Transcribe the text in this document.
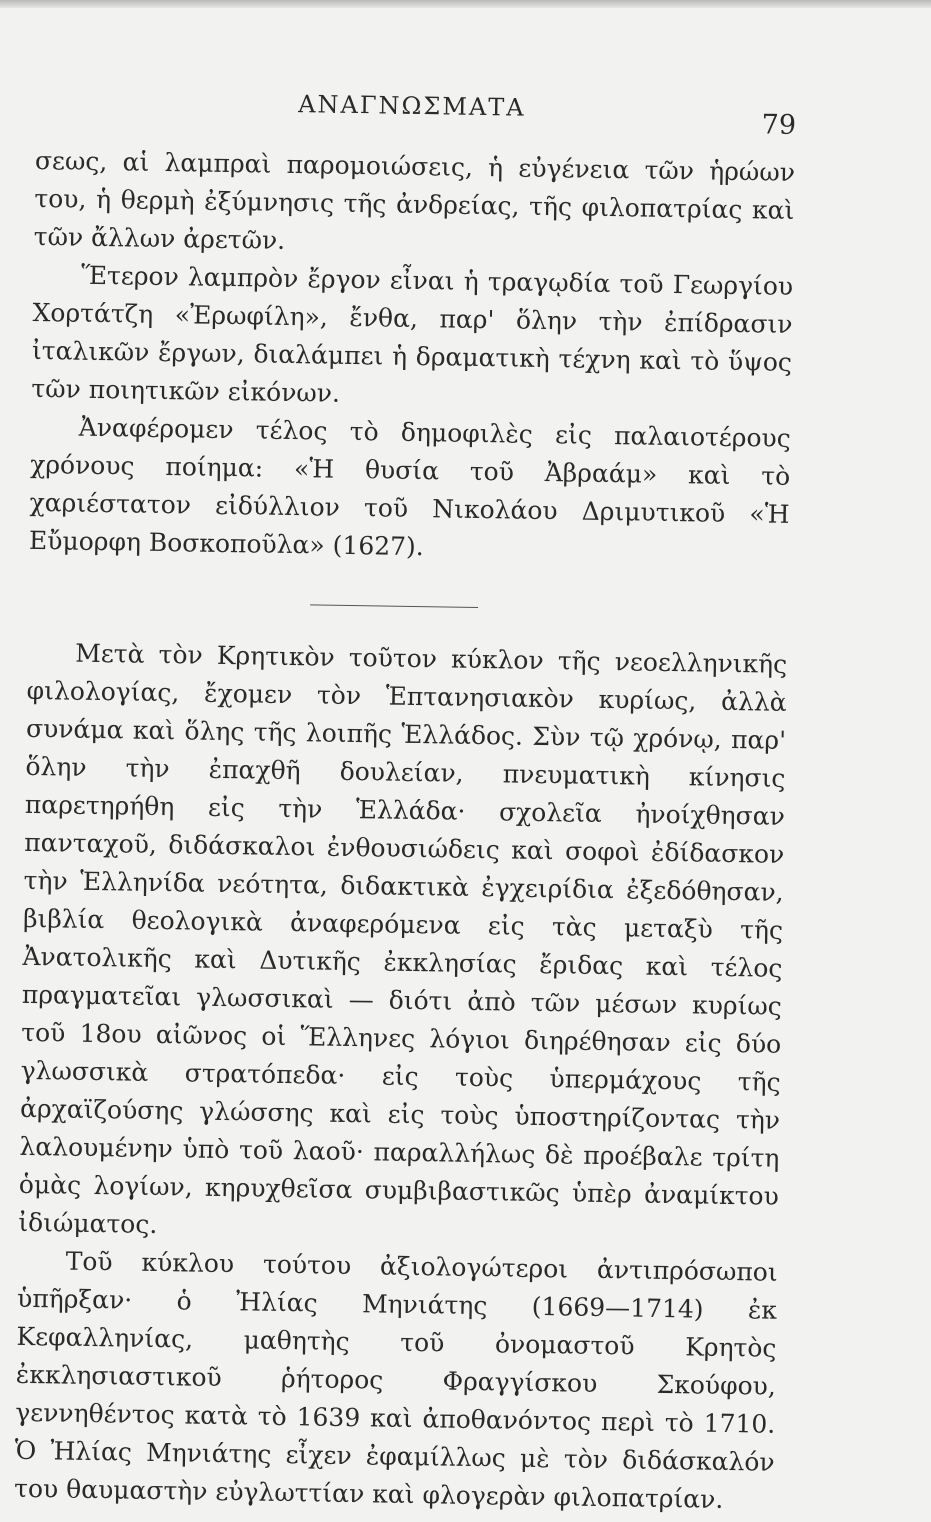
ΑΝΑΓΝΩΣΜΑΤΑ
79

σεως, αἱ λαμπραὶ παρομοιώσεις, ἡ εὐγένεια τῶν ἡρώων του, ἡ θερμὴ ἐξύμνησις τῆς ἀνδρείας, τῆς φιλοπατρίας καὶ τῶν ἄλλων ἀρετῶν.

Ἕτερον λαμπρὸν ἔργον εἶναι ἡ τραγῳδία τοῦ Γεωργίου Χορτάτζη «Ἐρωφίλη», ἔνθα, παρ' ὅλην τὴν ἐπίδρασιν ἰταλικῶν ἔργων, διαλάμπει ἡ δραματικὴ τέχνη καὶ τὸ ὕψος τῶν ποιητικῶν εἰκόνων.

Ἀναφέρομεν τέλος τὸ δημοφιλὲς εἰς παλαιοτέρους χρόνους ποίημα: «Ἡ θυσία τοῦ Ἀβραάμ» καὶ τὸ χαριέστατον εἰδύλλιον τοῦ Νικολάου Δριμυτικοῦ «Ἡ Εὔμορφη Βοσκοποῦλα» (1627).

Μετὰ τὸν Κρητικὸν τοῦτον κύκλον τῆς νεοελληνικῆς φιλολογίας, ἔχομεν τὸν Ἑπτανησιακὸν κυρίως, ἀλλὰ συνάμα καὶ ὅλης τῆς λοιπῆς Ἑλλάδος. Σὺν τῷ χρόνῳ, παρ' ὅλην τὴν ἐπαχθῆ δουλείαν, πνευματικὴ κίνησις παρετηρήθη εἰς τὴν Ἑλλάδα· σχολεῖα ἠνοίχθησαν πανταχοῦ, διδάσκαλοι ἐνθουσιώδεις καὶ σοφοὶ ἐδίδασκον τὴν Ἑλληνίδα νεότητα, διδακτικὰ ἐγχειρίδια ἐξεδόθησαν, βιβλία θεολογικὰ ἀναφερόμενα εἰς τὰς μεταξὺ τῆς Ἀνατολικῆς καὶ Δυτικῆς ἐκκλησίας ἔριδας καὶ τέλος πραγματεῖαι γλωσσικαὶ — διότι ἀπὸ τῶν μέσων κυρίως τοῦ 18ου αἰῶνος οἱ Ἕλληνες λόγιοι διηρέθησαν εἰς δύο γλωσσικὰ στρατόπεδα· εἰς τοὺς ὑπερμάχους τῆς ἀρχαϊζούσης γλώσσης καὶ εἰς τοὺς ὑποστηρίζοντας τὴν λαλουμένην ὑπὸ τοῦ λαοῦ· παραλλήλως δὲ προέβαλε τρίτη ὁμὰς λογίων, κηρυχθεῖσα συμβιβαστικῶς ὑπὲρ ἀναμίκτου ἰδιώματος.

Τοῦ κύκλου τούτου ἀξιολογώτεροι ἀντιπρόσωποι ὑπῆρξαν· ὁ Ἠλίας Μηνιάτης (1669—1714) ἐκ Κεφαλληνίας, μαθητὴς τοῦ ὀνομαστοῦ Κρητὸς ἐκκλησιαστικοῦ ῥήτορος Φραγγίσκου Σκούφου, γεννηθέντος κατὰ τὸ 1639 καὶ ἀποθανόντος περὶ τὸ 1710. Ὁ Ἠλίας Μηνιάτης εἶχεν ἐφαμίλλως μὲ τὸν διδάσκαλόν του θαυμαστὴν εὐγλωττίαν καὶ φλογερὰν φιλοπατρίαν.
